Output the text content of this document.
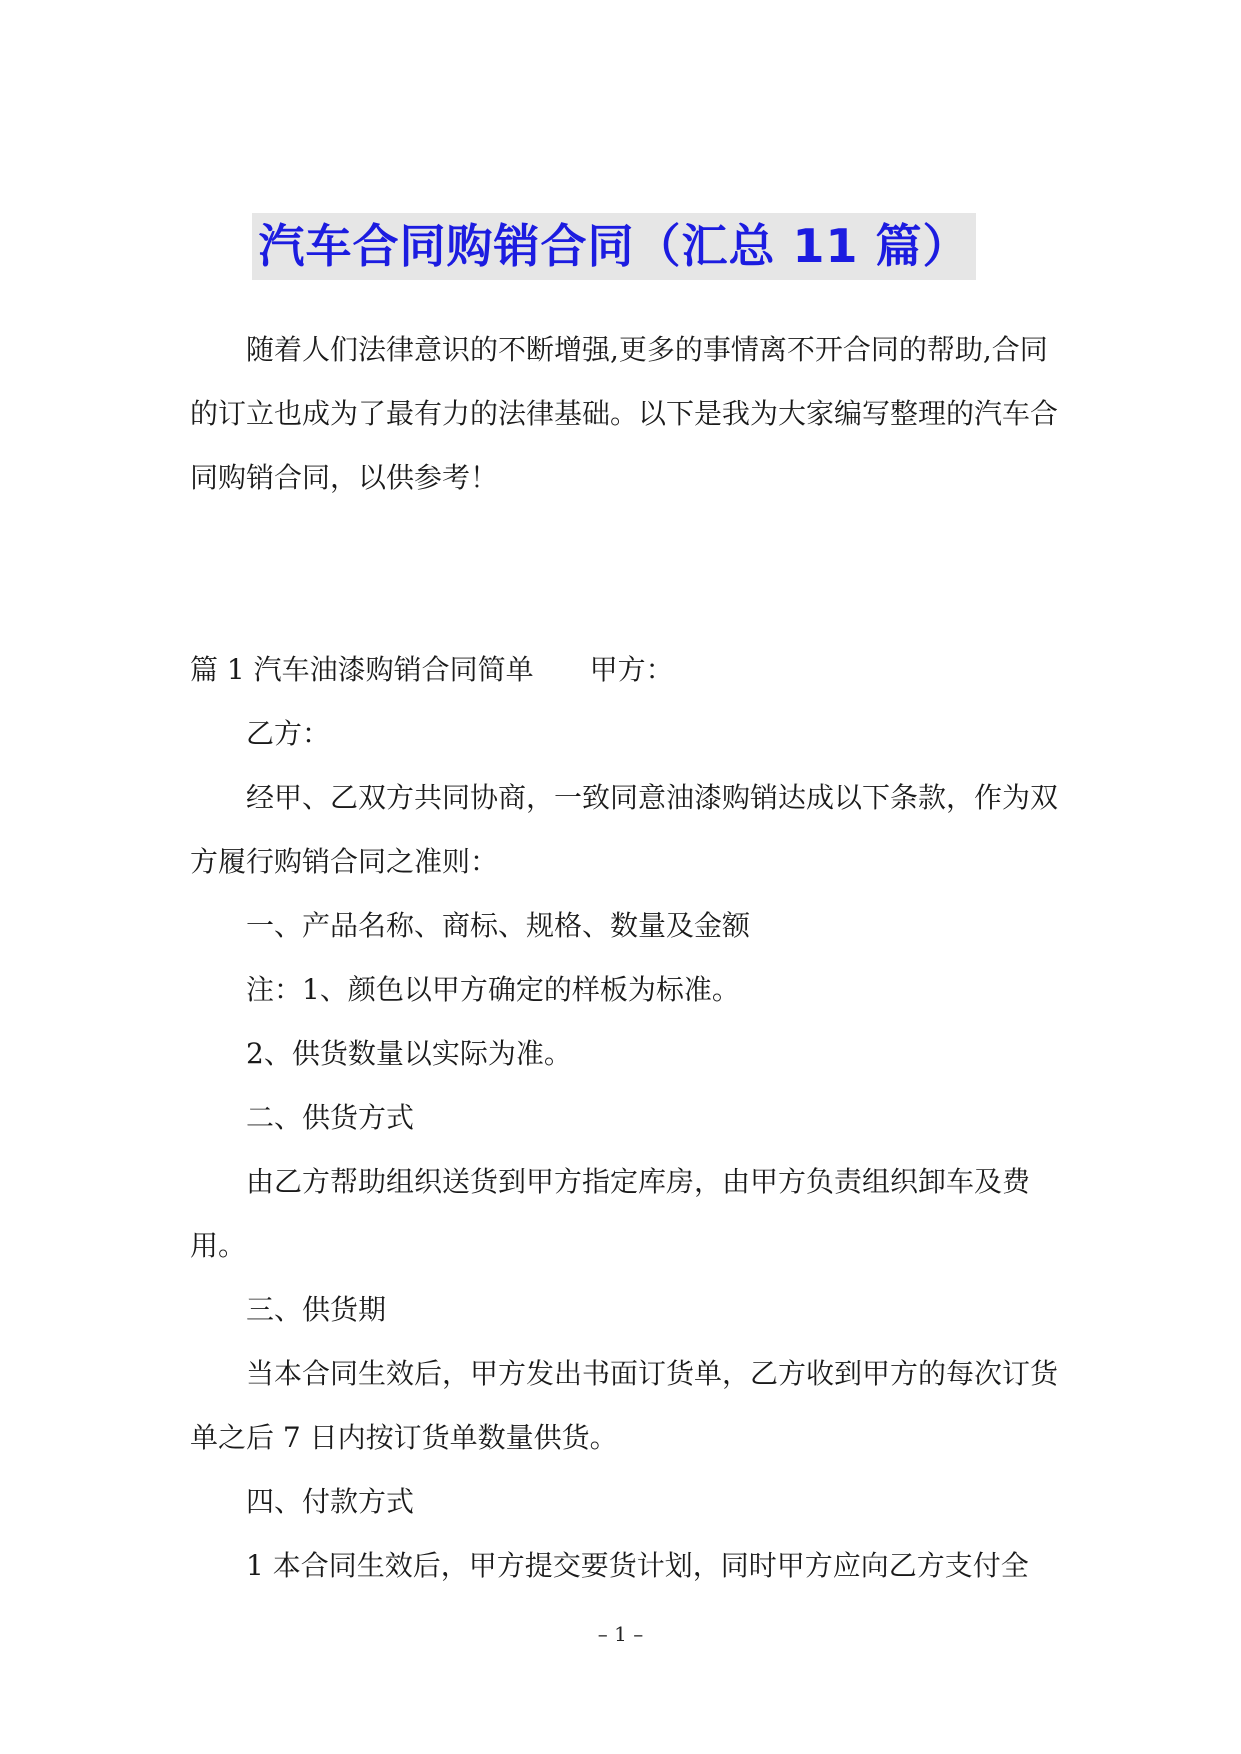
汽车合同购销合同（汇总 11 篇）

随着人们法律意识的不断增强,更多的事情离不开合同的帮助,合同的订立也成为了最有力的法律基础。以下是我为大家编写整理的汽车合同购销合同，以供参考！

篇 1 汽车油漆购销合同简单 甲方：

乙方：

经甲、乙双方共同协商，一致同意油漆购销达成以下条款，作为双方履行购销合同之准则：

一、产品名称、商标、规格、数量及金额

注：1、颜色以甲方确定的样板为标准。

2、供货数量以实际为准。

二、供货方式

由乙方帮助组织送货到甲方指定库房，由甲方负责组织卸车及费用。

三、供货期

当本合同生效后，甲方发出书面订货单，乙方收到甲方的每次订货单之后 7 日内按订货单数量供货。

四、付款方式

1 本合同生效后，甲方提交要货计划，同时甲方应向乙方支付全

– 1 –
